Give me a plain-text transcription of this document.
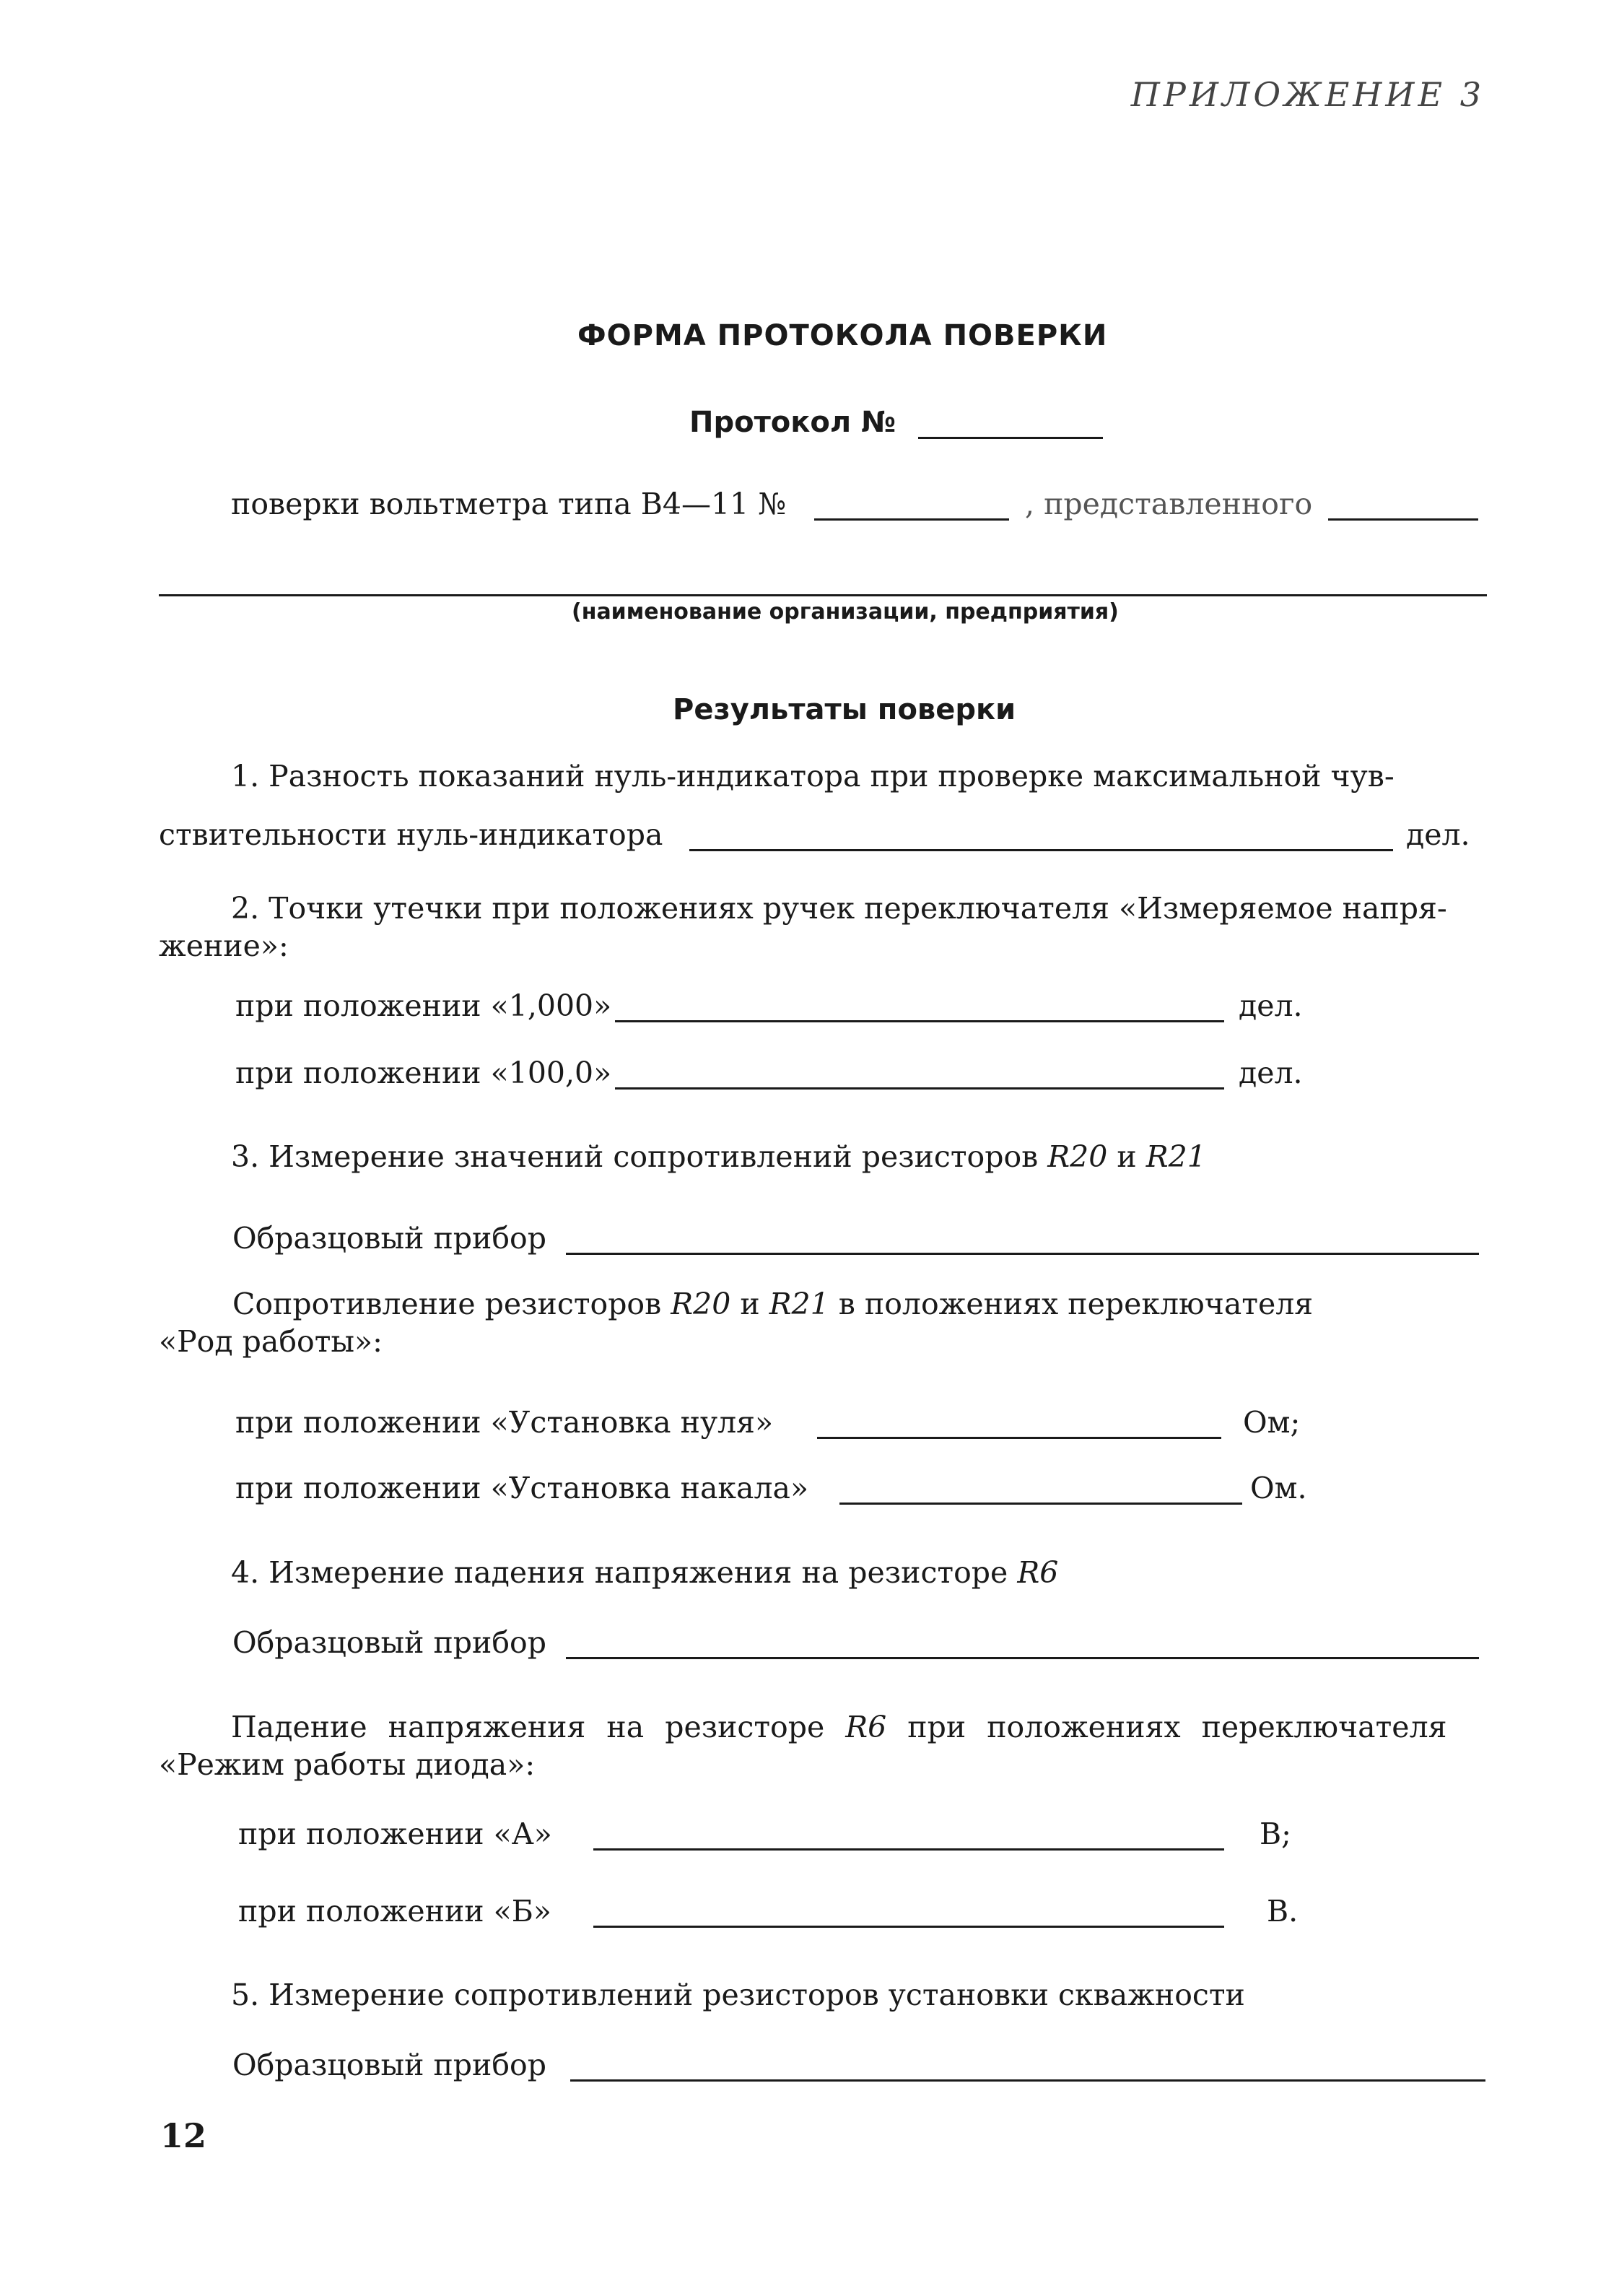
ПРИЛОЖЕНИЕ 3
ФОРМА ПРОТОКОЛА ПОВЕРКИ
Протокол №
поверки вольтметра типа В4—11 №	, представленного
(наименование организации, предприятия)
Результаты поверки
1. Разность показаний нуль-индикатора при проверке максимальной чув-
ствительности нуль-индикатора	дел.
2. Точки утечки при положениях ручек переключателя «Измеряемое напря-
жение»:
при положении «1,000»	дел.
при положении «100,0»	дел.
3. Измерение значений сопротивлений резисторов R20 и R21
Образцовый прибор
Сопротивление резисторов R20 и R21 в положениях переключателя
«Род работы»:
при положении «Установка нуля»	Ом;
при положении «Установка накала»	Ом.
4. Измерение падения напряжения на резисторе R6
Образцовый прибор
Падение напряжения на резисторе R6 при положениях переключателя
«Режим работы диода»:
при положении «А»	В;
при положении «Б»	В.
5. Измерение сопротивлений резисторов установки скважности
Образцовый прибор
12
